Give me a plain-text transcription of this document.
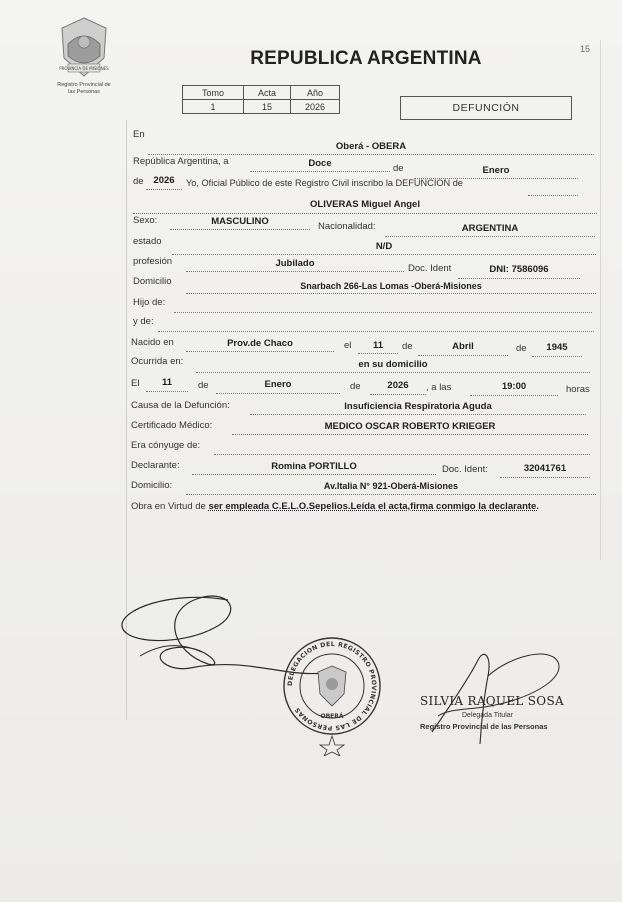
PROVINCIA DE MISIONES
Registro Provincial de
las Personas
15
REPUBLICA ARGENTINA
Tomo	Acta	Año
1	15	2026	DEFUNCIÓN
En
Oberá - OBERA
República Argentina, a	Doce	de	Enero
de	2026	Yo, Oficial Público de este Registro Civil inscribo la DEFUNCION de
OLIVERAS Miguel Angel
Sexo:	MASCULINO	Nacionalidad:	ARGENTINA
estado	N/D
profesión	Jubilado	Doc. Ident	DNI: 7586096
Domicilio	Snarbach 266-Las Lomas -Oberá-Misiones
Hijo de:
y de:
Nacido en	Prov.de Chaco	el	11	de	Abril	de	1945
Ocurrida en:	en su domicilio
El	11	de	Enero	de	2026	, a las	19:00	horas
Causa de la Defunción:	Insuficiencia Respiratoria Aguda
Certificado Médico:	MEDICO OSCAR ROBERTO KRIEGER
Era cónyuge de:
Declarante:	Romina PORTILLO	Doc. Ident:	32041761
Domicilio:	Av.Italia N° 921-Oberá-Misiones
Obra en Virtud de ser empleada C.E.L.O.Sepelios.Leída el acta,firma conmigo la declarante.
DELEGACION DEL REGISTRO PROVINCIAL DE LAS PERSONAS
OBERÁ
SILVIA RAQUEL SOSA
Delegada Titular
Registro Provincial de las Personas
